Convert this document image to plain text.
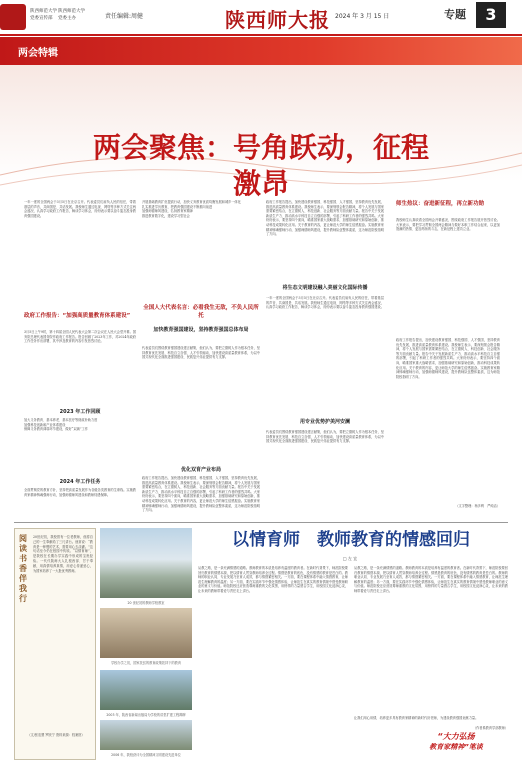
陕西师范大学
党委宣传部
陕西师范大学
党委主办	责任编辑:周健	陕西师大报 2024 年 3 月 15 日	专题	3
两会特辑
两会聚焦：号角跃动，征程激昂
一年一度的全国两会于3月5日在北京召开。代表委员们肩负人民的信任，带着基层的声音，共商国是、共话发展。我校师生通过电视、网络等多种方式关注两会盛况，认真学习政府工作报告，畅谈学习体会，纷纷表示要以奋斗姿态投身教育强国建设。
政府工作报告：“加强高质量教育体系建设”
3月5日上午9时，第十四届全国人民代表大会第二次会议在人民大会堂开幕。国务院总理代表国务院作政府工作报告。报告回顾了2023年工作，对2024年政府工作任务作出部署，其中涉及教育的内容引发热烈讨论。
2023 年工作回顾
加大义务教育、基本养老、基本医疗等财政补助力度
加强科技创新和产业体系建设
保障义务教育薄弱环节建设，做好“双减”工作
2024 年工作任务
全面贯彻党的教育方针，坚持把高质量发展作为各级各类教育的生命线。实施教育家精神铸魂强师行动，加强师德师风建设和教师待遇保障。
开展基础教育扩优提质行动，加快义务教育优质均衡发展和城乡一体化
扎实推进学历教育，把教育强国建设不断推向前进
加强师德师风建设，弘扬教育家精神
推进教育数字化，建设学习型社会
全国人大代表名言：必看我生无敌，不负人民所托
加快教育强国建设，坚持教育强国总体布局
代表委员们围绕教育强国建设建言献策，他们认为，要把立德树人作为根本任务，坚持教育优先发展、科技自立自强、人才引领驱动，加快建设高质量教育体系，为以中国式现代化全面推进强国建设、民族复兴伟业提供有力支撑。
优化双育产业布局
政府工作报告提出，加快建设教育强国、科技强国、人才强国，坚持教育优先发展，推进高质量教育体系建设。我校师生表示，要深刻领会报告精神，将个人发展与国家需要紧密结合，在立德树人、科技创新、社会服务等方面贡献力量。报告中关于发展新质生产力、推动高水平科技自立自强的部署，引起了科研工作者的强烈共鸣。大家纷纷表示，要坚持四个面向，瞄准国家重大战略需求，加强基础研究和原始创新，推动科技成果转化应用。关于教育的内容，更让师范大学的师生倍感振奋。实施教育家精神铸魂强师行动，加强师德师风建设，提升教师队伍整体素质，这为师范院校指明了方向。
政府工作报告提出，加快建设教育强国、科技强国、人才强国，坚持教育优先发展，推进高质量教育体系建设。我校师生表示，要深刻领会报告精神，将个人发展与国家需要紧密结合，在立德树人、科技创新、社会服务等方面贡献力量。报告中关于发展新质生产力、推动高水平科技自立自强的部署，引起了科研工作者的强烈共鸣。大家纷纷表示，要坚持四个面向，瞄准国家重大战略需求，加强基础研究和原始创新，推动科技成果转化应用。关于教育的内容，更让师范大学的师生倍感振奋。实施教育家精神铸魂强师行动，加强师德师风建设，提升教师队伍整体素质，这为师范院校指明了方向。
将生态文明建设融入美丽文化国际传播
一年一度的全国两会于3月5日在北京召开。代表委员们肩负人民的信任，带着基层的声音，共商国是、共话发展。我校师生通过电视、网络等多种方式关注两会盛况，认真学习政府工作报告，畅谈学习体会，纷纷表示要以奋斗姿态投身教育强国建设。
用专业优势护美河安澜
代表委员们围绕教育强国建设建言献策，他们认为，要把立德树人作为根本任务，坚持教育优先发展、科技自立自强、人才引领驱动，加快建设高质量教育体系，为以中国式现代化全面推进强国建设、民族复兴伟业提供有力支撑。
师生热议：奋进新征程，再立新功勋
我校师生认真收看全国两会开幕盛况，围绕政府工作报告展开热烈讨论。大家表示，要把学习贯彻全国两会精神与做好本职工作结合起来，以更加饱满的热情、更加昂扬的斗志，在新征程上建功立业。
政府工作报告提出，加快建设教育强国、科技强国、人才强国，坚持教育优先发展，推进高质量教育体系建设。我校师生表示，要深刻领会报告精神，将个人发展与国家需要紧密结合，在立德树人、科技创新、社会服务等方面贡献力量。报告中关于发展新质生产力、推动高水平科技自立自强的部署，引起了科研工作者的强烈共鸣。大家纷纷表示，要坚持四个面向，瞄准国家重大战略需求，加强基础研究和原始创新，推动科技成果转化应用。关于教育的内容，更让师范大学的师生倍感振奋。实施教育家精神铸魂强师行动，加强师德师风建设，提升教师队伍整体素质，这为师范院校指明了方向。
（文字整理：杨多利　严纯洁）
以情育师　教师教育的情感回归
□ 左 宜
阅读书香伴我行
20世纪初，我校曾有一位老教师，他将自己的一生奉献给了三尺讲台。他常说：“教育是一种慢的艺术，需要用心去浇灌。”这句话至今仍在校园中传颂。“以情育师”，是我校在长期办学实践中形成的宝贵经验。一代代陕师大人扎根西部、甘于奉献，用真情培养真情，用爱心传递爱心，为国家培养了一大批优秀教师。
（文/张忠慧 罗欣宁 资料来源：档案馆）
20 世纪初的教师学校教室
学校办学之初，国家扶贫的教育政策扶持下的教育
2003 年，陕西省新闻出版局为学校的讲堂扩建工程揭牌
2006 年，我校获评为全国精神文明建设先进单位
从教之路，是一条充满情感的道路。教师教育的本质是培养有温度的教育者。在新时代背景下，师范院校要回归教育的情感本源，把以情育人贯穿教师培养全过程。情感是教育的底色，没有情感的教育是苍白的。教师的职业认同、专业发展乃至育人成效，都与情感紧密相关。一方面，要在课程体系中融入情感教育，让师范生理解教育的温度；另一方面，要在实践环节中强化情感体验，让师范生在真实的教育情境中感受教师职业的意义与价值。师范院校还应营造尊师重教的文化氛围，用榜样的力量感召学生，用校园文化浸润心灵，让未来的教师带着爱与责任走上讲台。
从教之路，是一条充满情感的道路。教师教育的本质是培养有温度的教育者。在新时代背景下，师范院校要回归教育的情感本源，把以情育人贯穿教师培养全过程。情感是教育的底色，没有情感的教育是苍白的。教师的职业认同、专业发展乃至育人成效，都与情感紧密相关。一方面，要在课程体系中融入情感教育，让师范生理解教育的温度；另一方面，要在实践环节中强化情感体验，让师范生在真实的教育情境中感受教师职业的意义与价值。师范院校还应营造尊师重教的文化氛围，用榜样的力量感召学生，用校园文化浸润心灵，让未来的教师带着爱与责任走上讲台。
让我们用心用情，培养更多具有教育家精神的新时代好老师，为建设教育强国贡献力量。
（作者系教育学部教师）
“大力弘扬
教育家精神”笔谈
